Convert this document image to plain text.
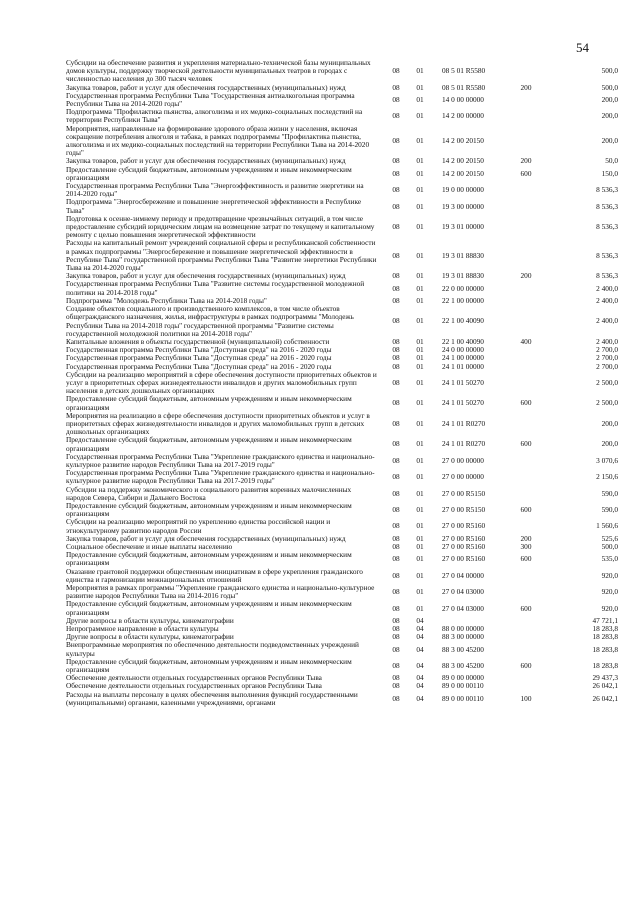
54
Субсидии на обеспечение развития и укрепления материально-технической базы муниципальных домов культуры, поддержку творческой деятельности муниципальных театров в городах с численностью населения до 300 тысяч человек
08	01	08 5 01 R5580	500,0
Закупка товаров, работ и услуг для обеспечения государственных (муниципальных) нужд	08	01	08 5 01 R5580	200	500,0
Государственная программа Республики Тыва "Государственная антиалкогольная программа Республики Тыва на 2014-2020 годы"	08	01	14 0 00 00000	200,0
Подпрограмма "Профилактика пьянства, алкоголизма и их медико-социальных последствий на территории Республики Тыва"	08	01	14 2 00 00000	200,0
Мероприятия, направленные на формирование здорового образа жизни у населения, включая сокращение потребления алкоголя и табака, в рамках подпрограммы "Профилактика пьянства, алкоголизма и их медико-социальных последствий на территории Республики Тыва на 2014-2020 годы"
08	01	14 2 00 20150	200,0
Закупка товаров, работ и услуг для обеспечения государственных (муниципальных) нужд	08	01	14 2 00 20150	200	50,0
Предоставление субсидий бюджетным, автономным учреждениям и иным некоммерческим организациям	08	01	14 2 00 20150	600	150,0
Государственная программа Республики Тыва "Энергоэффективность и развитие энергетики на 2014-2020 годы"	08	01	19 0 00 00000	8 536,3
Подпрограмма "Энергосбережение и повышение энергетической эффективности в Республике Тыва"	08	01	19 3 00 00000	8 536,3
Подготовка к осенне-зимнему периоду и предотвращение чрезвычайных ситуаций, в том числе предоставление субсидий юридическим лицам на возмещение затрат по текущему и капитальному ремонту с целью повышения энергетической эффективности
08	01	19 3 01 00000	8 536,3
Расходы на капитальный ремонт учреждений социальной сферы и республиканской собственности в рамках подпрограммы "Энергосбережение и повышение энергетической эффективности в Республике Тыва" государственной программы Республики Тыва "Развитие энергетики Республики Тыва на 2014-2020 годы"
08	01	19 3 01 88830	8 536,3
Закупка товаров, работ и услуг для обеспечения государственных (муниципальных) нужд	08	01	19 3 01 88830	200	8 536,3
Государственная программа Республики Тыва "Развитие системы государственной молодежной политики на 2014-2018 годы"	08	01	22 0 00 00000	2 400,0
Подпрограмма "Молодежь Республики Тыва на 2014-2018 годы"	08	01	22 1 00 00000	2 400,0
Создание объектов социального и производственного комплексов, в том числе объектов общегражданского назначения, жилья, инфраструктуры в рамках подпрограммы "Молодежь Республики Тыва на 2014-2018 годы" государственной программы "Развитие системы государственной молодежной политики на 2014-2018 годы"
08	01	22 1 00 40090	2 400,0
Капитальные вложения в объекты государственной (муниципальной) собственности	08	01	22 1 00 40090	400	2 400,0
Государственная программа Республики Тыва "Доступная среда" на 2016 - 2020 годы	08	01	24 0 00 00000	2 700,0
Государственная программа Республики Тыва "Доступная среда" на 2016 - 2020 годы	08	01	24 1 00 00000	2 700,0
Государственная программа Республики Тыва "Доступная среда" на 2016 - 2020 годы	08	01	24 1 01 00000	2 700,0
Субсидии на реализацию мероприятий в сфере обеспечения доступности приоритетных объектов и услуг в приоритетных сферах жизнедеятельности инвалидов и других маломобильных групп населения в детских дошкольных организациях
08	01	24 1 01 50270	2 500,0
Предоставление субсидий бюджетным, автономным учреждениям и иным некоммерческим организациям	08	01	24 1 01 50270	600	2 500,0
Мероприятия на реализацию в сфере обеспечения доступности приоритетных объектов и услуг в приоритетных сферах жизнедеятельности инвалидов и других маломобильных групп в детских дошкольных организациях
08	01	24 1 01 R0270	200,0
Предоставление субсидий бюджетным, автономным учреждениям и иным некоммерческим организациям	08	01	24 1 01 R0270	600	200,0
Государственная программа Республики Тыва "Укрепление гражданского единства и национально-культурное развитие народов Республики Тыва на 2017-2019 годы"	08	01	27 0 00 00000	3 070,6
Государственная программа Республики Тыва "Укрепление гражданского единства и национально-культурное развитие народов Республики Тыва на 2017-2019 годы"	08	01	27 0 00 00000	2 150,6
Субсидии на поддержку экономического и социального развития коренных малочисленных народов Севера, Сибири и Дальнего Востока	08	01	27 0 00 R5150	590,0
Предоставление субсидий бюджетным, автономным учреждениям и иным некоммерческим организациям	08	01	27 0 00 R5150	600	590,0
Субсидии на реализацию мероприятий по укреплению единства российской нации и этнокультурному развитию народов России	08	01	27 0 00 R5160	1 560,6
Закупка товаров, работ и услуг для обеспечения государственных (муниципальных) нужд	08	01	27 0 00 R5160	200	525,6
Социальное обеспечение и иные выплаты населению	08	01	27 0 00 R5160	300	500,0
Предоставление субсидий бюджетным, автономным учреждениям и иным некоммерческим организациям	08	01	27 0 00 R5160	600	535,0
Оказание грантовой поддержки общественным инициативам в сфере укрепления гражданского единства и гармонизации межнациональных отношений	08	01	27 0 04 00000	920,0
Мероприятия в рамках программы "Укрепление гражданского единства и национально-культурное развитие народов Республики Тыва на 2014-2016 годы"	08	01	27 0 04 03000	920,0
Предоставление субсидий бюджетным, автономным учреждениям и иным некоммерческим организациям	08	01	27 0 04 03000	600	920,0
Другие вопросы в области культуры, кинематографии	08	04	47 721,1
Непрограммное направление в области культуры	08	04	88 0 00 00000	18 283,8
Другие вопросы в области культуры, кинематографии	08	04	88 3 00 00000	18 283,8
Внепрограммные мероприятия по обеспечению деятельности подведомственных учреждений культуры	08	04	88 3 00 45200	18 283,8
Предоставление субсидий бюджетным, автономным учреждениям и иным некоммерческим организациям	08	04	88 3 00 45200	600	18 283,8
Обеспечение деятельности отдельных государственных органов Республики Тыва	08	04	89 0 00 00000	29 437,3
Обеспечение деятельности отдельных государственных органов Республики Тыва	08	04	89 0 00 00110	26 042,1
Расходы на выплаты персоналу в целях обеспечения выполнения функций государственными (муниципальными) органами, казенными учреждениями, органами	08	04	89 0 00 00110	100	26 042,1
